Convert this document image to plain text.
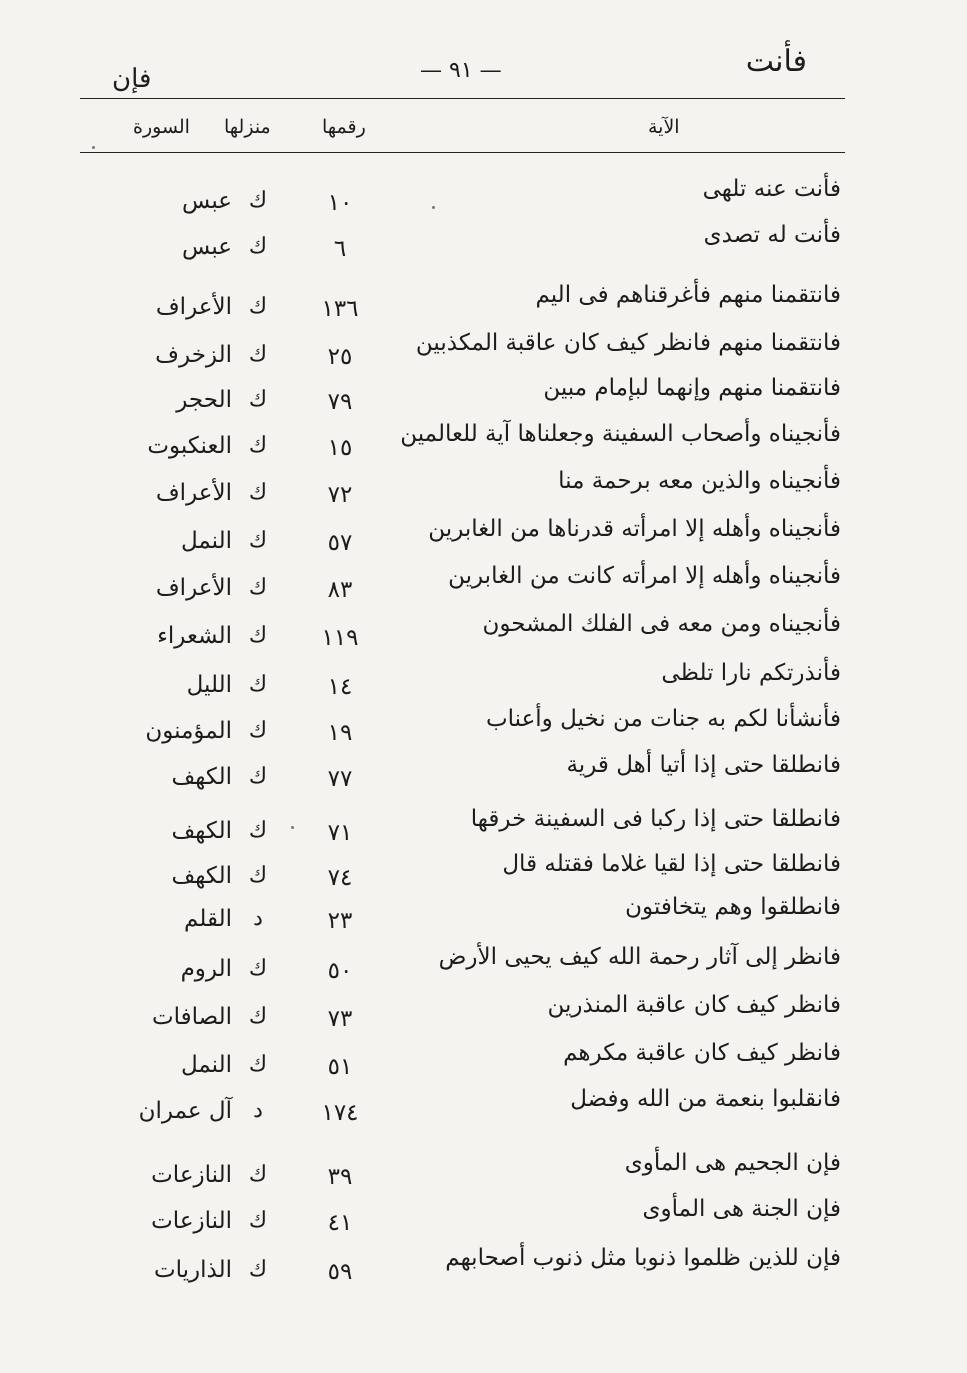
فأنت
— ٩١ —
فإن
الآية
رقمها
منزلها
السورة
فأنت عنه تلهى
١٠
ك
عبس
فأنت له تصدى
٦
ك
عبس
فانتقمنا منهم فأغرقناهم فى اليم
١٣٦
ك
الأعراف
فانتقمنا منهم فانظر كيف كان عاقبة المكذبين
٢٥
ك
الزخرف
فانتقمنا منهم وإنهما لبإمام مبين
٧٩
ك
الحجر
فأنجيناه وأصحاب السفينة وجعلناها آية للعالمين
١٥
ك
العنكبوت
فأنجيناه والذين معه برحمة منا
٧٢
ك
الأعراف
فأنجيناه وأهله إلا امرأته قدرناها من الغابرين
٥٧
ك
النمل
فأنجيناه وأهله إلا امرأته كانت من الغابرين
٨٣
ك
الأعراف
فأنجيناه ومن معه فى الفلك المشحون
١١٩
ك
الشعراء
فأنذرتكم نارا تلظى
١٤
ك
الليل
فأنشأنا لكم به جنات من نخيل وأعناب
١٩
ك
المؤمنون
فانطلقا حتى إذا أتيا أهل قرية
٧٧
ك
الكهف
فانطلقا حتى إذا ركبا فى السفينة خرقها
٧١
ك
الكهف
فانطلقا حتى إذا لقيا غلاما فقتله قال
٧٤
ك
الكهف
فانطلقوا وهم يتخافتون
٢٣
د
القلم
فانظر إلى آثار رحمة الله كيف يحيى الأرض
٥٠
ك
الروم
فانظر كيف كان عاقبة المنذرين
٧٣
ك
الصافات
فانظر كيف كان عاقبة مكرهم
٥١
ك
النمل
فانقلبوا بنعمة من الله وفضل
١٧٤
د
آل عمران
فإن الجحيم هى المأوى
٣٩
ك
النازعات
فإن الجنة هى المأوى
٤١
ك
النازعات
فإن للذين ظلموا ذنوبا مثل ذنوب أصحابهم
٥٩
ك
الذاريات
